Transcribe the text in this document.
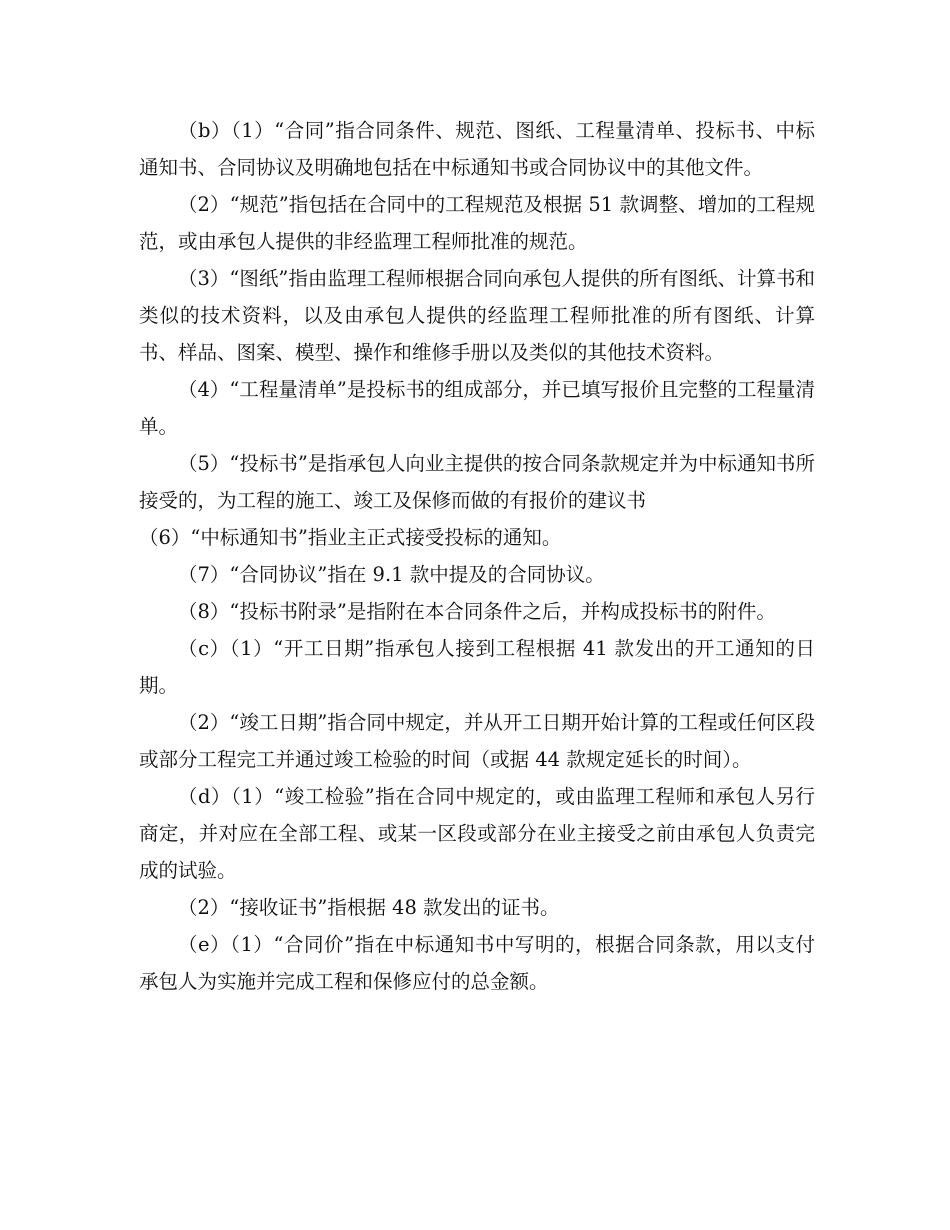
（b）（1）“合同”指合同条件、规范、图纸、工程量清单、投标书、中标通知书、合同协议及明确地包括在中标通知书或合同协议中的其他文件。

（2）“规范”指包括在合同中的工程规范及根据 51 款调整、增加的工程规范，或由承包人提供的非经监理工程师批准的规范。

（3）“图纸”指由监理工程师根据合同向承包人提供的所有图纸、计算书和类似的技术资料，以及由承包人提供的经监理工程师批准的所有图纸、计算书、样品、图案、模型、操作和维修手册以及类似的其他技术资料。

（4）“工程量清单”是投标书的组成部分，并已填写报价且完整的工程量清单。

（5）“投标书”是指承包人向业主提供的按合同条款规定并为中标通知书所接受的，为工程的施工、竣工及保修而做的有报价的建议书

（6）“中标通知书”指业主正式接受投标的通知。

（7）“合同协议”指在 9.1 款中提及的合同协议。

（8）“投标书附录”是指附在本合同条件之后，并构成投标书的附件。

（c）（1）“开工日期”指承包人接到工程根据 41 款发出的开工通知的日期。

（2）“竣工日期”指合同中规定，并从开工日期开始计算的工程或任何区段或部分工程完工并通过竣工检验的时间（或据 44 款规定延长的时间）。

（d）（1）“竣工检验”指在合同中规定的，或由监理工程师和承包人另行商定，并对应在全部工程、或某一区段或部分在业主接受之前由承包人负责完成的试验。

（2）“接收证书”指根据 48 款发出的证书。

（e）（1）“合同价”指在中标通知书中写明的，根据合同条款，用以支付承包人为实施并完成工程和保修应付的总金额。
